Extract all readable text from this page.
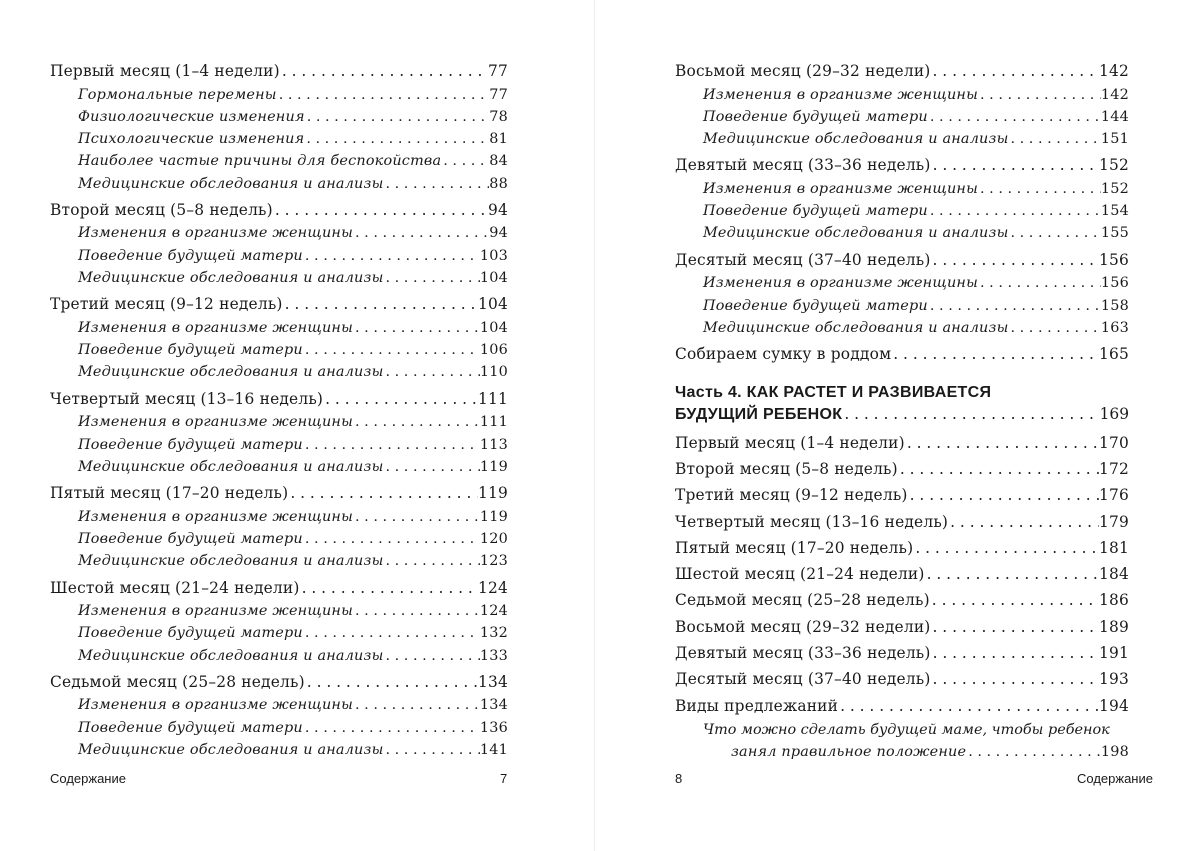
Первый месяц (1–4 недели) . . .	77
Гормональные перемены . . .	77
Физиологические изменения . . .	78
Психологические изменения . . .	81
Наиболее частые причины для беспокойства . . .	84
Медицинские обследования и анализы . . .	88
Второй месяц (5–8 недель) . . .	94
Изменения в организме женщины . . .	94
Поведение будущей матери . . .	103
Медицинские обследования и анализы . . .	104
Третий месяц (9–12 недель) . . .	104
Изменения в организме женщины . . .	104
Поведение будущей матери . . .	106
Медицинские обследования и анализы . . .	110
Четвертый месяц (13–16 недель) . . .	111
Изменения в организме женщины . . .	111
Поведение будущей матери . . .	113
Медицинские обследования и анализы . . .	119
Пятый месяц (17–20 недель) . . .	119
Изменения в организме женщины . . .	119
Поведение будущей матери . . .	120
Медицинские обследования и анализы . . .	123
Шестой месяц (21–24 недели) . . .	124
Изменения в организме женщины . . .	124
Поведение будущей матери . . .	132
Медицинские обследования и анализы . . .	133
Седьмой месяц (25–28 недель) . . .	134
Изменения в организме женщины . . .	134
Поведение будущей матери . . .	136
Медицинские обследования и анализы . . .	141
Содержание	7
Восьмой месяц (29–32 недели) . . .	142
Изменения в организме женщины . . .	142
Поведение будущей матери . . .	144
Медицинские обследования и анализы . . .	151
Девятый месяц (33–36 недель) . . .	152
Изменения в организме женщины . . .	152
Поведение будущей матери . . .	154
Медицинские обследования и анализы . . .	155
Десятый месяц (37–40 недель) . . .	156
Изменения в организме женщины . . .	156
Поведение будущей матери . . .	158
Медицинские обследования и анализы . . .	163
Собираем сумку в роддом . . .	165
Часть 4. КАК РАСТЕТ И РАЗВИВАЕТСЯ
БУДУЩИЙ РЕБЕНОК . . .	169
Первый месяц (1–4 недели) . . .	170
Второй месяц (5–8 недель) . . .	172
Третий месяц (9–12 недель) . . .	176
Четвертый месяц (13–16 недель) . . .	179
Пятый месяц (17–20 недель) . . .	181
Шестой месяц (21–24 недели) . . .	184
Седьмой месяц (25–28 недель) . . .	186
Восьмой месяц (29–32 недели) . . .	189
Девятый месяц (33–36 недель) . . .	191
Десятый месяц (37–40 недель) . . .	193
Виды предлежаний . . .	194
Что можно сделать будущей маме, чтобы ребенок
занял правильное положение . . .	198
8	Содержание
